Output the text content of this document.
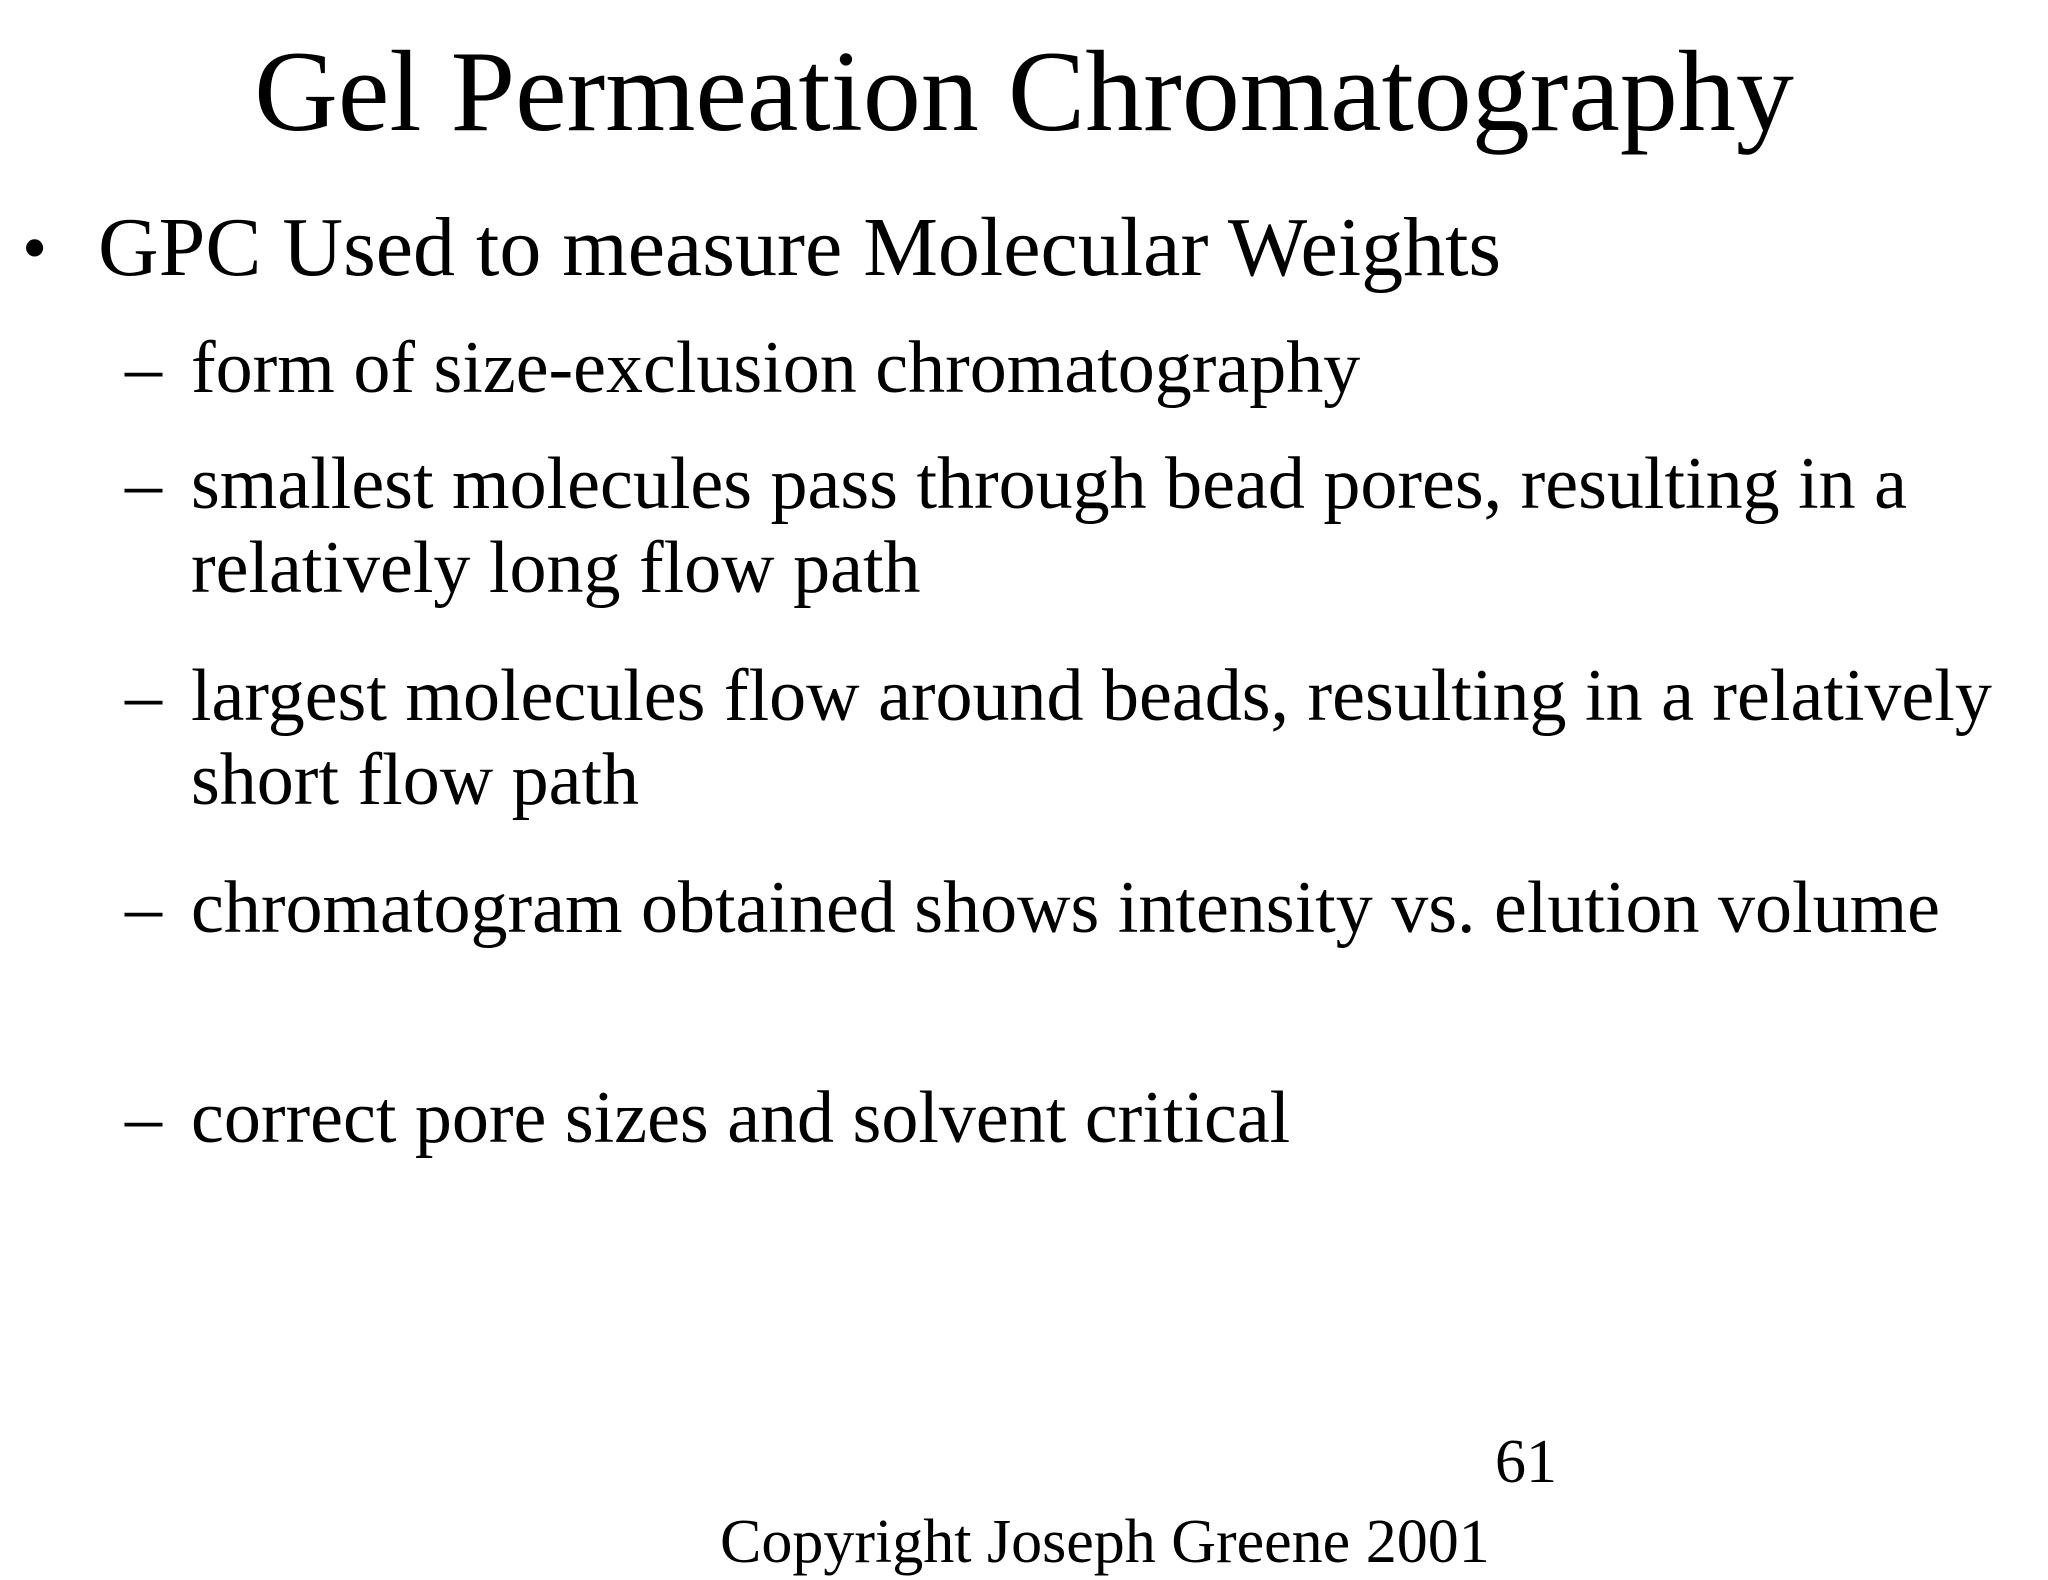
Gel Permeation Chromatography
• GPC Used to measure Molecular Weights
– form of size-exclusion chromatography
– smallest molecules pass through bead pores, resulting in a relatively long flow path
– largest molecules flow around beads, resulting in a relatively short flow path
– chromatogram obtained shows intensity vs. elution volume
– correct pore sizes and solvent critical
61
Copyright Joseph Greene 2001
